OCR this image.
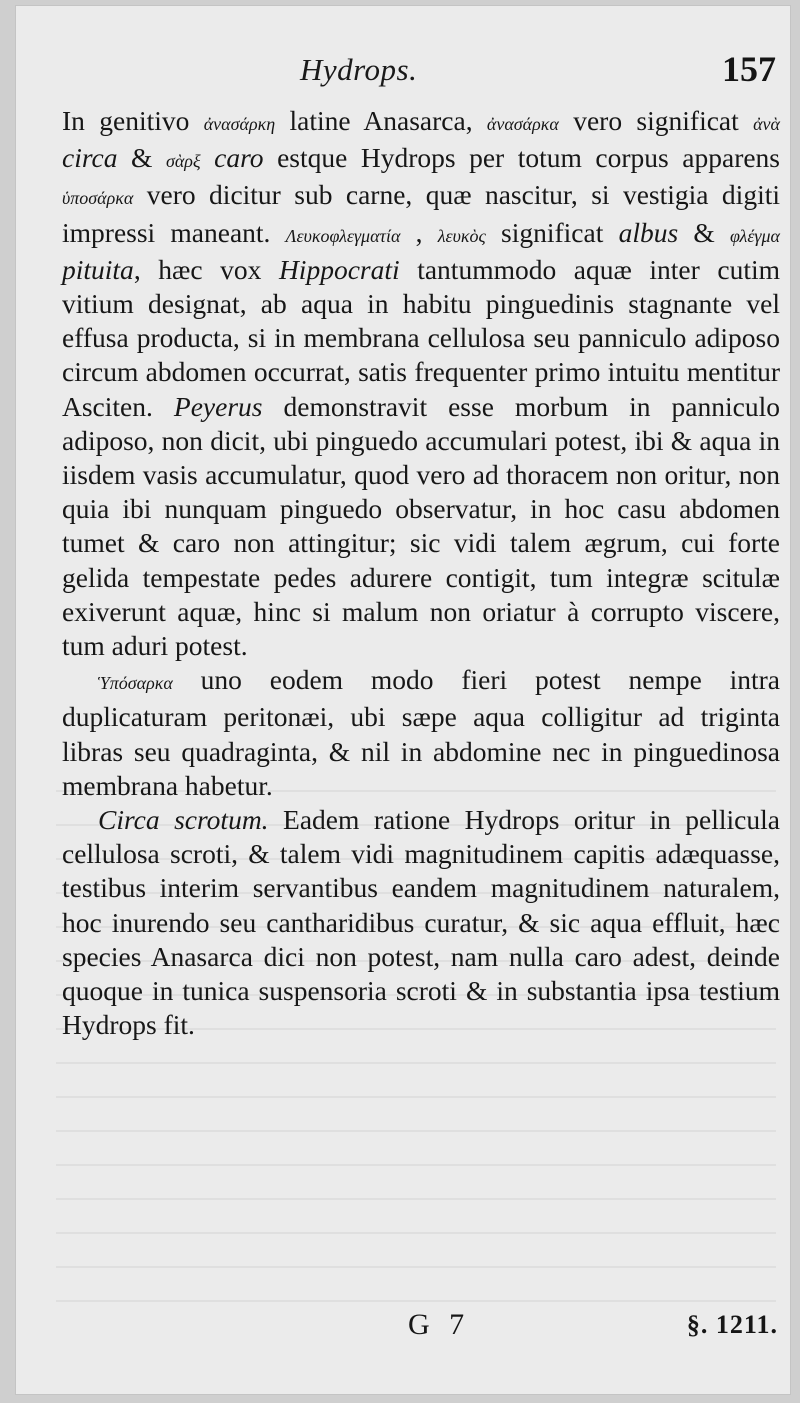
Hydrops.	157

In genitivo ἀνασάρκη latine Anasarca, ἀνασάρκα vero significat ἀνὰ circa & σὰρξ caro estque Hydrops per totum corpus apparens ὑποσάρκα vero dicitur sub carne, quæ nascitur, si vestigia digiti impressi maneant. Λευκοφλεγματία , λευκὸς significat albus & φλέγμα pituita, hæc vox Hippocrati tantummodo aquæ inter cutim vitium designat, ab aqua in habitu pinguedinis stagnante vel effusa producta, si in membrana cellulosa seu panniculo adiposo circum abdomen occurrat, satis frequenter primo intuitu mentitur Asciten. Peyerus demonstravit esse morbum in panniculo adiposo, non dicit, ubi pinguedo accumulari potest, ibi & aqua in iisdem vasis accumulatur, quod vero ad thoracem non oritur, non quia ibi nunquam pinguedo observatur, in hoc casu abdomen tumet & caro non attingitur; sic vidi talem ægrum, cui forte gelida tempestate pedes adurere contigit, tum integræ scitulæ exiverunt aquæ, hinc si malum non oriatur à corrupto viscere, tum aduri potest.

Ὑπόσαρκα uno eodem modo fieri potest nempe intra duplicaturam peritonæi, ubi sæpe aqua colligitur ad triginta libras seu quadraginta, & nil in abdomine nec in pinguedinosa membrana habetur.

Circa scrotum. Eadem ratione Hydrops oritur in pellicula cellulosa scroti, & talem vidi magnitudinem capitis adæquasse, testibus interim servantibus eandem magnitudinem naturalem, hoc inurendo seu cantharidibus curatur, & sic aqua effluit, hæc species Anasarca dici non potest, nam nulla caro adest, deinde quoque in tunica suspensoria scroti & in substantia ipsa testium Hydrops fit.

G 7	§. 1211.
